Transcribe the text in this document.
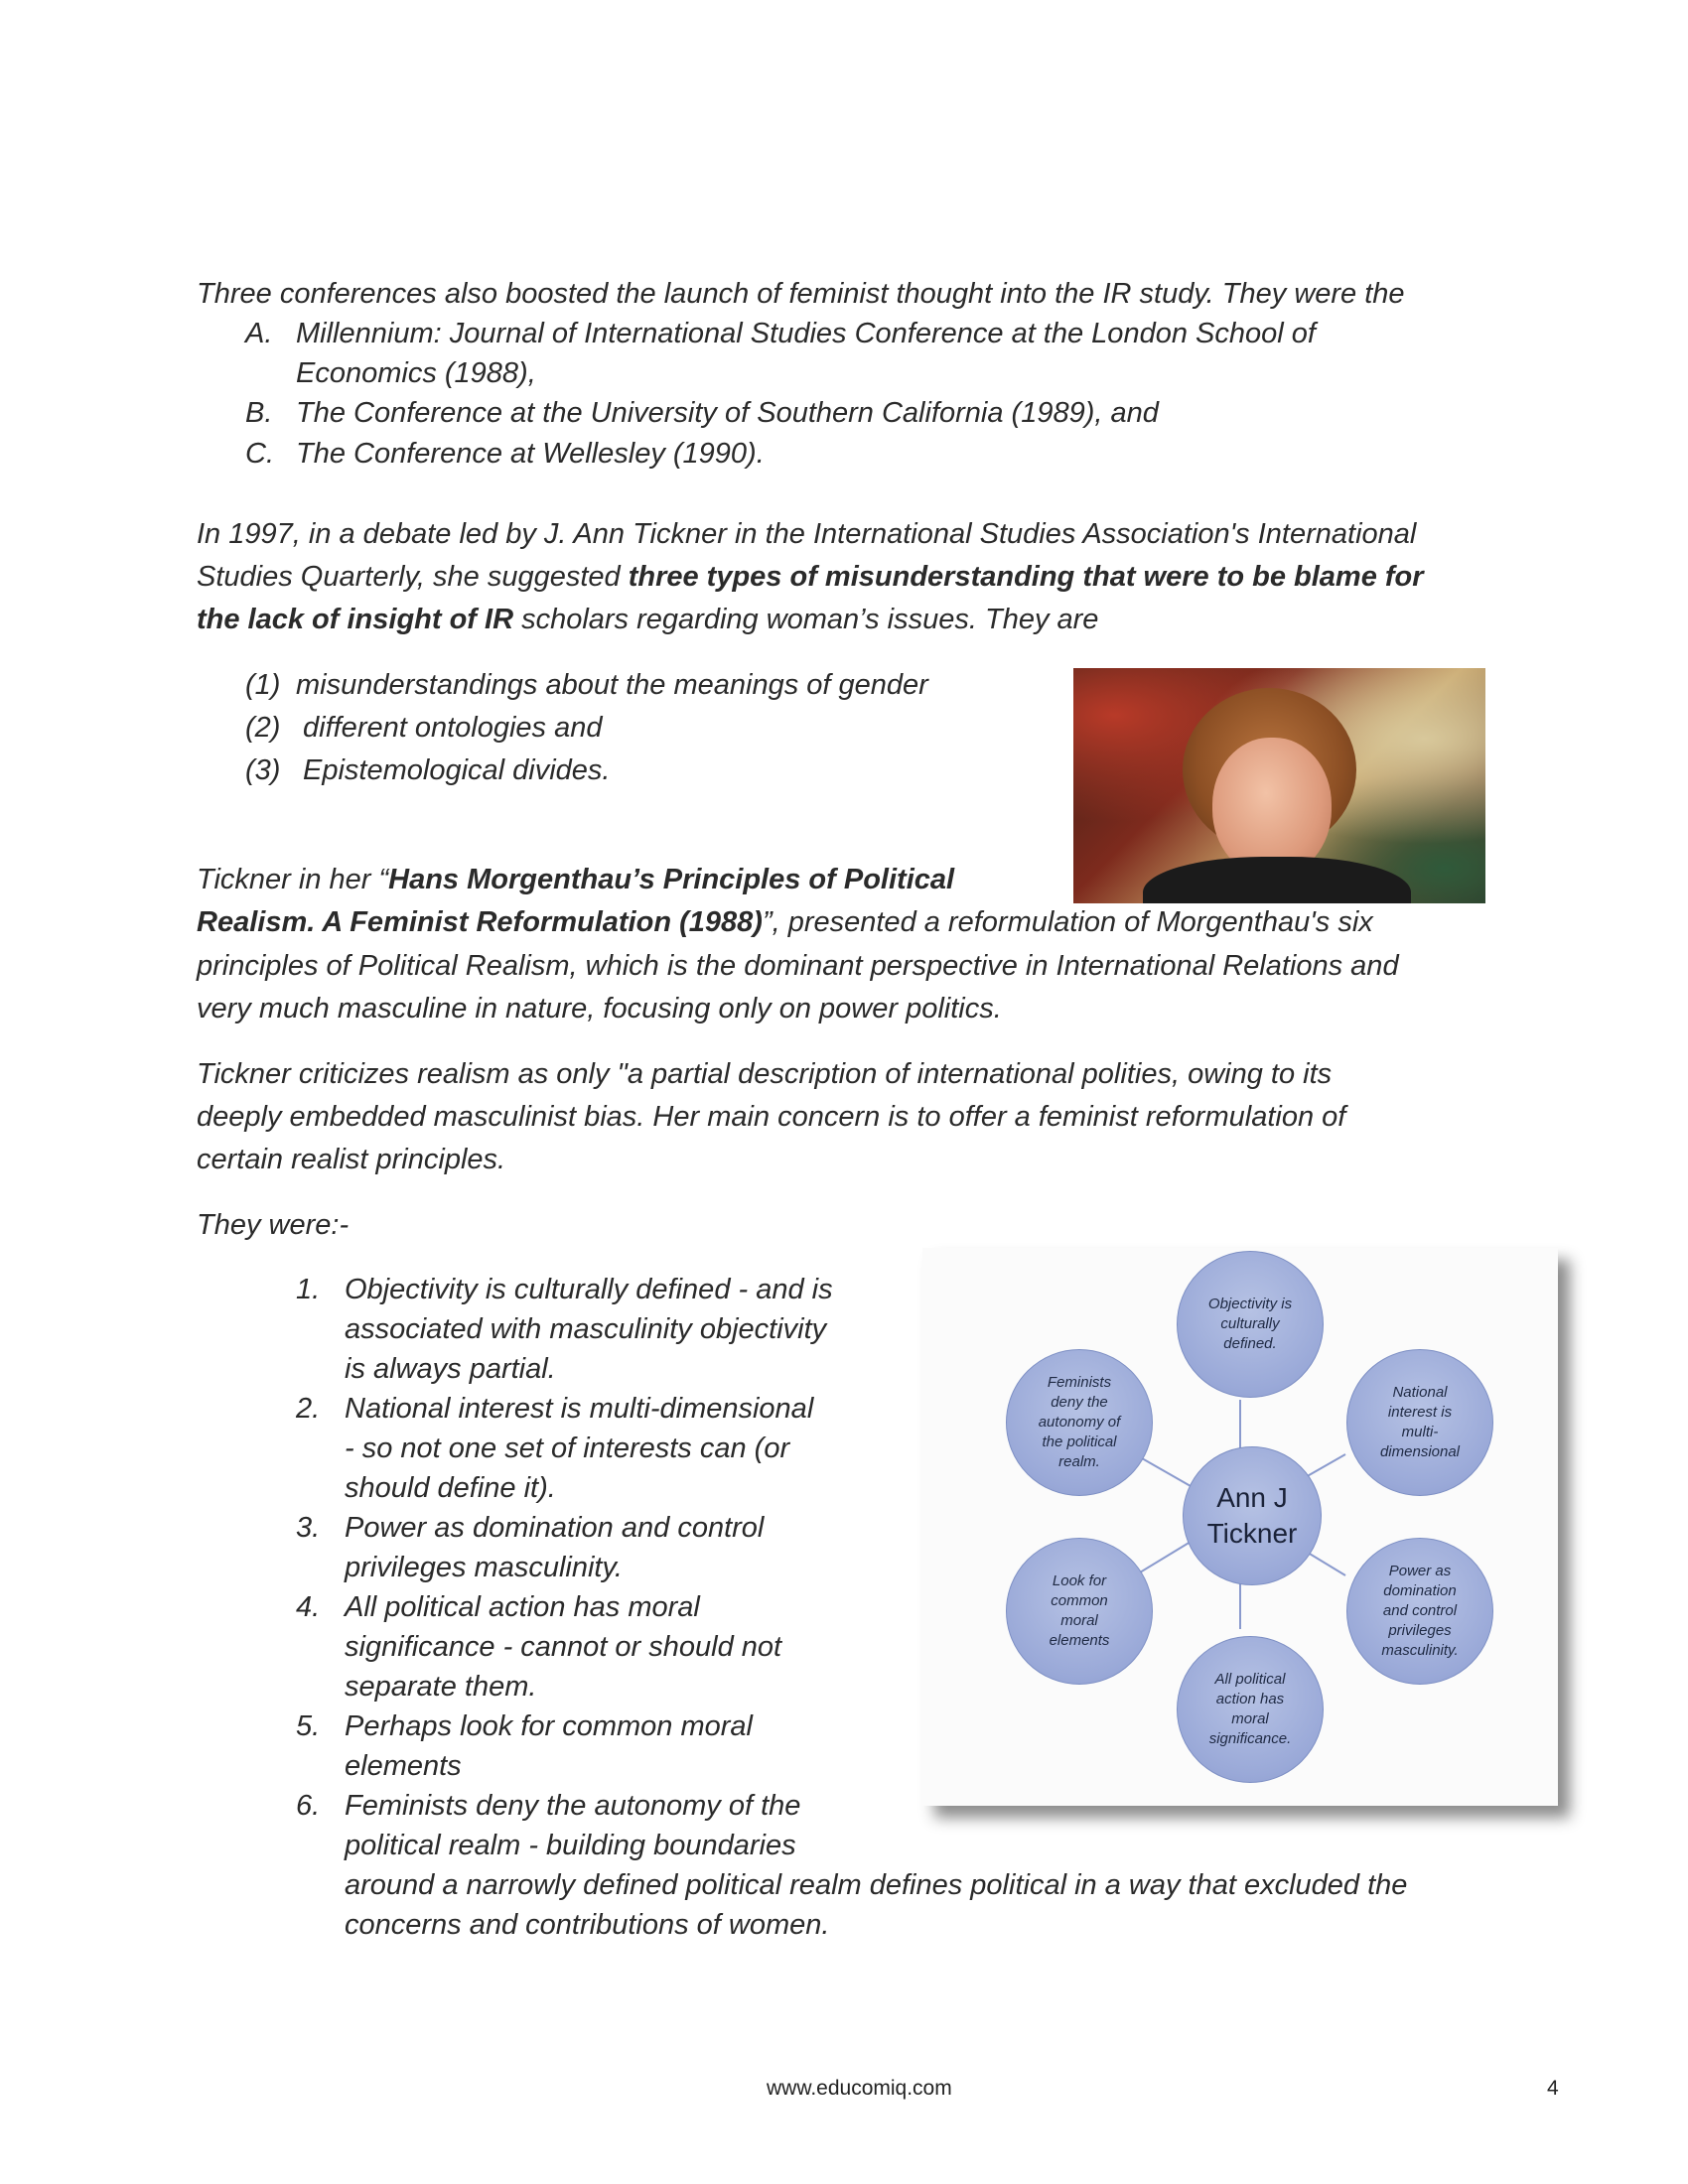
Three conferences also boosted the launch of feminist thought into the IR study. They were the
A. Millennium: Journal of International Studies Conference at the London School of
Economics (1988),
B. The Conference at the University of Southern California (1989), and
C. The Conference at Wellesley (1990).
In 1997, in a debate led by J. Ann Tickner in the International Studies Association's International
Studies Quarterly, she suggested three types of misunderstanding that were to be blame for
the lack of insight of IR scholars regarding woman’s issues. They are
(1) misunderstandings about the meanings of gender
(2) different ontologies and
(3) Epistemological divides.
Tickner in her “Hans Morgenthau’s Principles of Political
Realism. A Feminist Reformulation (1988)”, presented a reformulation of Morgenthau's six
principles of Political Realism, which is the dominant perspective in International Relations and
very much masculine in nature, focusing only on power politics.
Tickner criticizes realism as only "a partial description of international polities, owing to its
deeply embedded masculinist bias. Her main concern is to offer a feminist reformulation of
certain realist principles.
They were:-
1. Objectivity is culturally defined - and is
associated with masculinity objectivity
is always partial.
2. National interest is multi-dimensional
- so not one set of interests can (or
should define it).
3. Power as domination and control
privileges masculinity.
4. All political action has moral
significance - cannot or should not
separate them.
5. Perhaps look for common moral
elements
6. Feminists deny the autonomy of the
political realm - building boundaries
around a narrowly defined political realm defines political in a way that excluded the
concerns and contributions of women.
Ann J
Tickner
Objectivity is
culturally
defined.
National
interest is
multi-
dimensional
Power as
domination
and control
privileges
masculinity.
All political
action has
moral
significance.
Look for
common
moral
elements
Feminists
deny the
autonomy of
the political
realm.
www.educomiq.com	4
